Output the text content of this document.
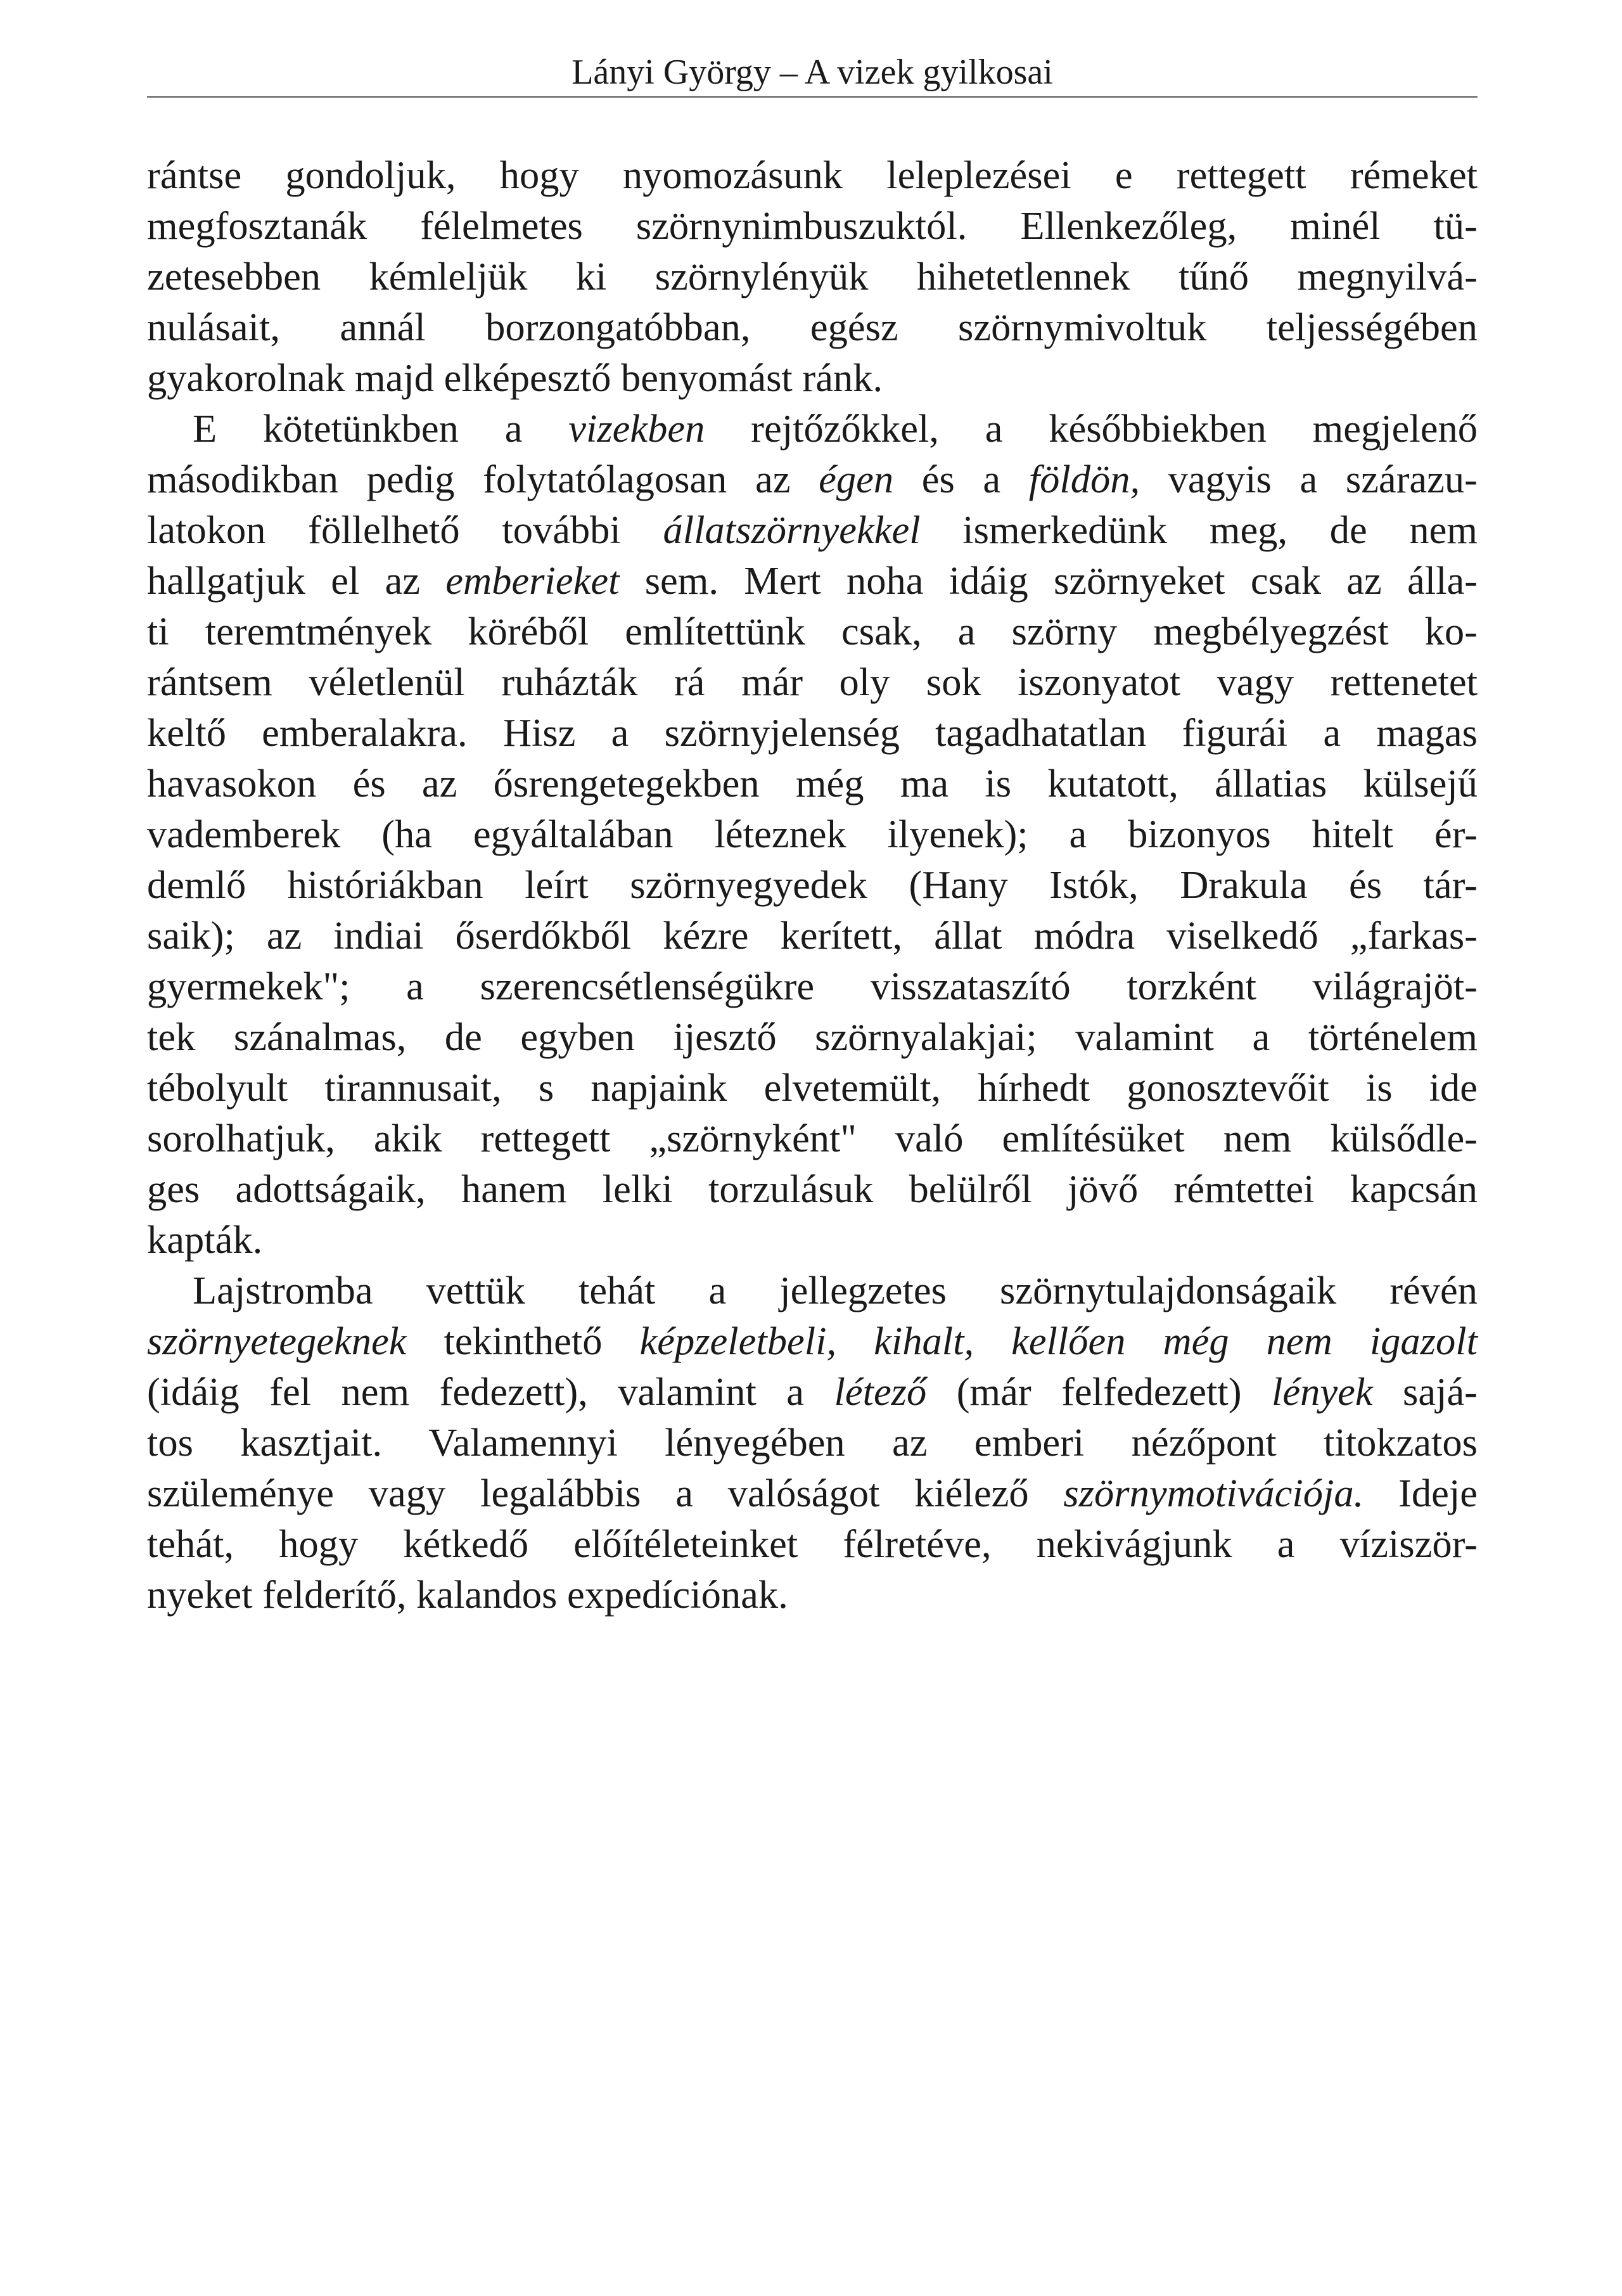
Lányi György – A vizek gyilkosai
rántse gondoljuk, hogy nyomozásunk leleplezései e rettegett rémeket
megfosztanák félelmetes szörnynimbuszuktól. Ellenkezőleg, minél tü-
zetesebben kémleljük ki szörnylényük hihetetlennek tűnő megnyilvá-
nulásait, annál borzongatóbban, egész szörnymivoltuk teljességében
gyakorolnak majd elképesztő benyomást ránk.
E kötetünkben a vizekben rejtőzőkkel, a későbbiekben megjelenő
másodikban pedig folytatólagosan az égen és a földön, vagyis a szárazu-
latokon föllelhető további állatszörnyekkel ismerkedünk meg, de nem
hallgatjuk el az emberieket sem. Mert noha idáig szörnyeket csak az álla-
ti teremtmények köréből említettünk csak, a szörny megbélyegzést ko-
rántsem véletlenül ruházták rá már oly sok iszonyatot vagy rettenetet
keltő emberalakra. Hisz a szörnyjelenség tagadhatatlan figurái a magas
havasokon és az ősrengetegekben még ma is kutatott, állatias külsejű
vademberek (ha egyáltalában léteznek ilyenek); a bizonyos hitelt ér-
demlő históriákban leírt szörnyegyedek (Hany Istók, Drakula és tár-
saik); az indiai őserdőkből kézre kerített, állat módra viselkedő „farkas-
gyermekek"; a szerencsétlenségükre visszataszító torzként világrajöt-
tek szánalmas, de egyben ijesztő szörnyalakjai; valamint a történelem
tébolyult tirannusait, s napjaink elvetemült, hírhedt gonosztevőit is ide
sorolhatjuk, akik rettegett „szörnyként" való említésüket nem külsődle-
ges adottságaik, hanem lelki torzulásuk belülről jövő rémtettei kapcsán
kapták.
Lajstromba vettük tehát a jellegzetes szörnytulajdonságaik révén
szörnyetegeknek tekinthető képzeletbeli, kihalt, kellően még nem igazolt
(idáig fel nem fedezett), valamint a létező (már felfedezett) lények sajá-
tos kasztjait. Valamennyi lényegében az emberi nézőpont titokzatos
szüleménye vagy legalábbis a valóságot kiélező szörnymotivációja. Ideje
tehát, hogy kétkedő előítéleteinket félretéve, nekivágjunk a víziször-
nyeket felderítő, kalandos expedíciónak.
